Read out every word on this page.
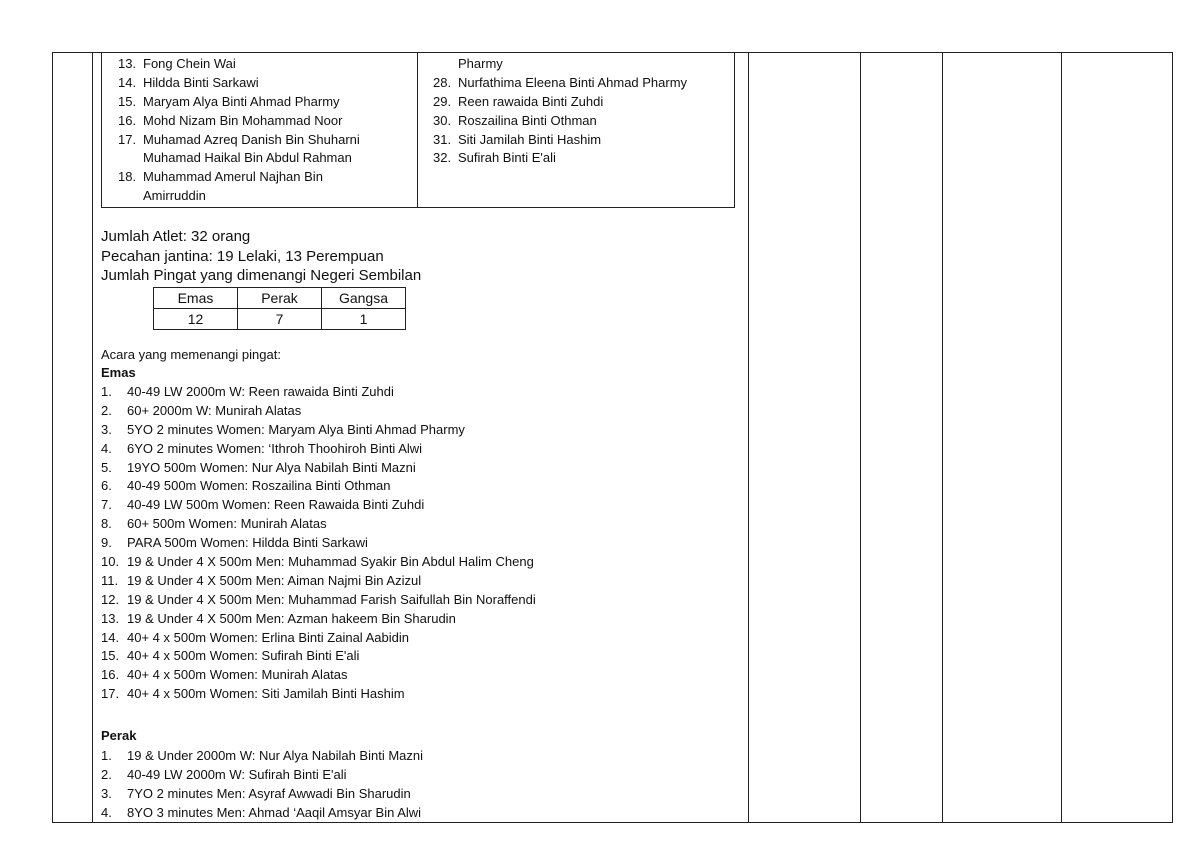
13. Fong Chein Wai
14. Hildda Binti Sarkawi
15. Maryam Alya Binti Ahmad Pharmy
16. Mohd Nizam Bin Mohammad Noor
17. Muhamad Azreq Danish Bin Shuharni
Muhamad Haikal Bin Abdul Rahman
18. Muhammad Amerul Najhan Bin
Amirruddin
Pharmy
28. Nurfathima Eleena Binti Ahmad Pharmy
29. Reen rawaida Binti Zuhdi
30. Roszailina Binti Othman
31. Siti Jamilah Binti Hashim
32. Sufirah Binti E'ali
Jumlah Atlet: 32 orang
Pecahan jantina: 19 Lelaki, 13 Perempuan
Jumlah Pingat yang dimenangi Negeri Sembilan
Emas	Perak	Gangsa
12	7	1
Acara yang memenangi pingat:
Emas
1. 40-49 LW 2000m W: Reen rawaida Binti Zuhdi
2. 60+ 2000m W: Munirah Alatas
3. 5YO 2 minutes Women: Maryam Alya Binti Ahmad Pharmy
4. 6YO 2 minutes Women: ‘Ithroh Thoohiroh Binti Alwi
5. 19YO 500m Women: Nur Alya Nabilah Binti Mazni
6. 40-49 500m Women: Roszailina Binti Othman
7. 40-49 LW 500m Women: Reen Rawaida Binti Zuhdi
8. 60+ 500m Women: Munirah Alatas
9. PARA 500m Women: Hildda Binti Sarkawi
10. 19 & Under 4 X 500m Men: Muhammad Syakir Bin Abdul Halim Cheng
11. 19 & Under 4 X 500m Men: Aiman Najmi Bin Azizul
12. 19 & Under 4 X 500m Men: Muhammad Farish Saifullah Bin Noraffendi
13. 19 & Under 4 X 500m Men: Azman hakeem Bin Sharudin
14. 40+ 4 x 500m Women: Erlina Binti Zainal Aabidin
15. 40+ 4 x 500m Women: Sufirah Binti E'ali
16. 40+ 4 x 500m Women: Munirah Alatas
17. 40+ 4 x 500m Women: Siti Jamilah Binti Hashim
Perak
1. 19 & Under 2000m W: Nur Alya Nabilah Binti Mazni
2. 40-49 LW 2000m W: Sufirah Binti E'ali
3. 7YO 2 minutes Men: Asyraf Awwadi Bin Sharudin
4. 8YO 3 minutes Men: Ahmad ‘Aaqil Amsyar Bin Alwi
